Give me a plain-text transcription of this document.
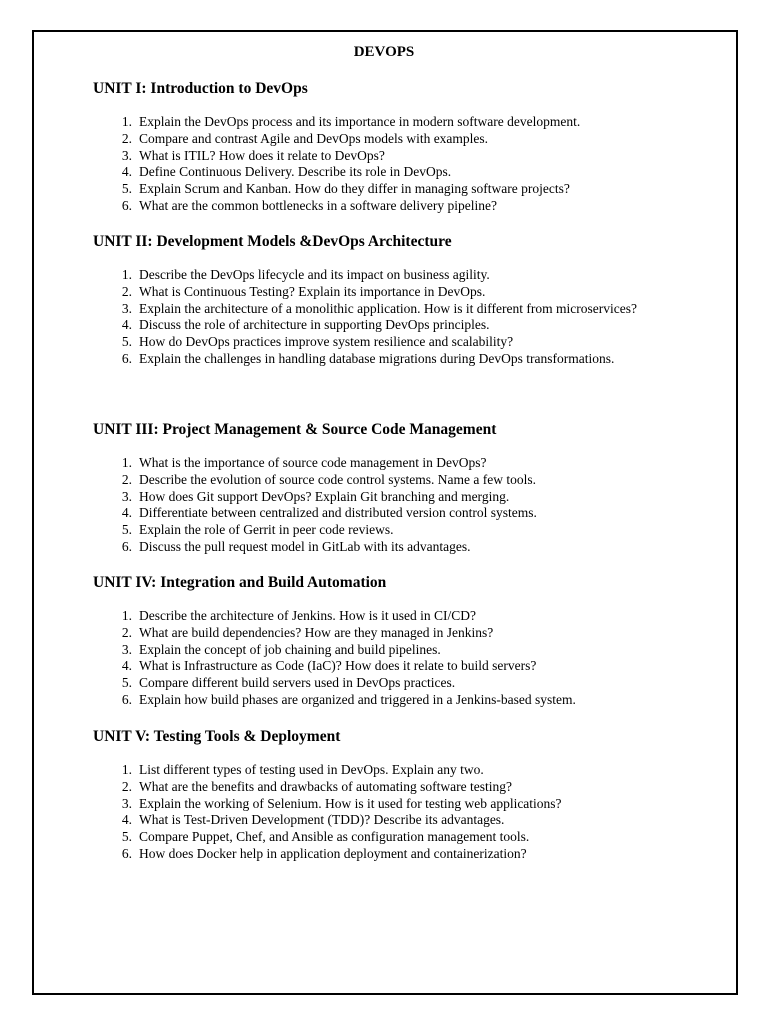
DEVOPS
UNIT I: Introduction to DevOps
1. Explain the DevOps process and its importance in modern software development.
2. Compare and contrast Agile and DevOps models with examples.
3. What is ITIL? How does it relate to DevOps?
4. Define Continuous Delivery. Describe its role in DevOps.
5. Explain Scrum and Kanban. How do they differ in managing software projects?
6. What are the common bottlenecks in a software delivery pipeline?
UNIT II: Development Models &DevOps Architecture
1. Describe the DevOps lifecycle and its impact on business agility.
2. What is Continuous Testing? Explain its importance in DevOps.
3. Explain the architecture of a monolithic application. How is it different from microservices?
4. Discuss the role of architecture in supporting DevOps principles.
5. How do DevOps practices improve system resilience and scalability?
6. Explain the challenges in handling database migrations during DevOps transformations.
UNIT III: Project Management & Source Code Management
1. What is the importance of source code management in DevOps?
2. Describe the evolution of source code control systems. Name a few tools.
3. How does Git support DevOps? Explain Git branching and merging.
4. Differentiate between centralized and distributed version control systems.
5. Explain the role of Gerrit in peer code reviews.
6. Discuss the pull request model in GitLab with its advantages.
UNIT IV: Integration and Build Automation
1. Describe the architecture of Jenkins. How is it used in CI/CD?
2. What are build dependencies? How are they managed in Jenkins?
3. Explain the concept of job chaining and build pipelines.
4. What is Infrastructure as Code (IaC)? How does it relate to build servers?
5. Compare different build servers used in DevOps practices.
6. Explain how build phases are organized and triggered in a Jenkins-based system.
UNIT V: Testing Tools & Deployment
1. List different types of testing used in DevOps. Explain any two.
2. What are the benefits and drawbacks of automating software testing?
3. Explain the working of Selenium. How is it used for testing web applications?
4. What is Test-Driven Development (TDD)? Describe its advantages.
5. Compare Puppet, Chef, and Ansible as configuration management tools.
6. How does Docker help in application deployment and containerization?
